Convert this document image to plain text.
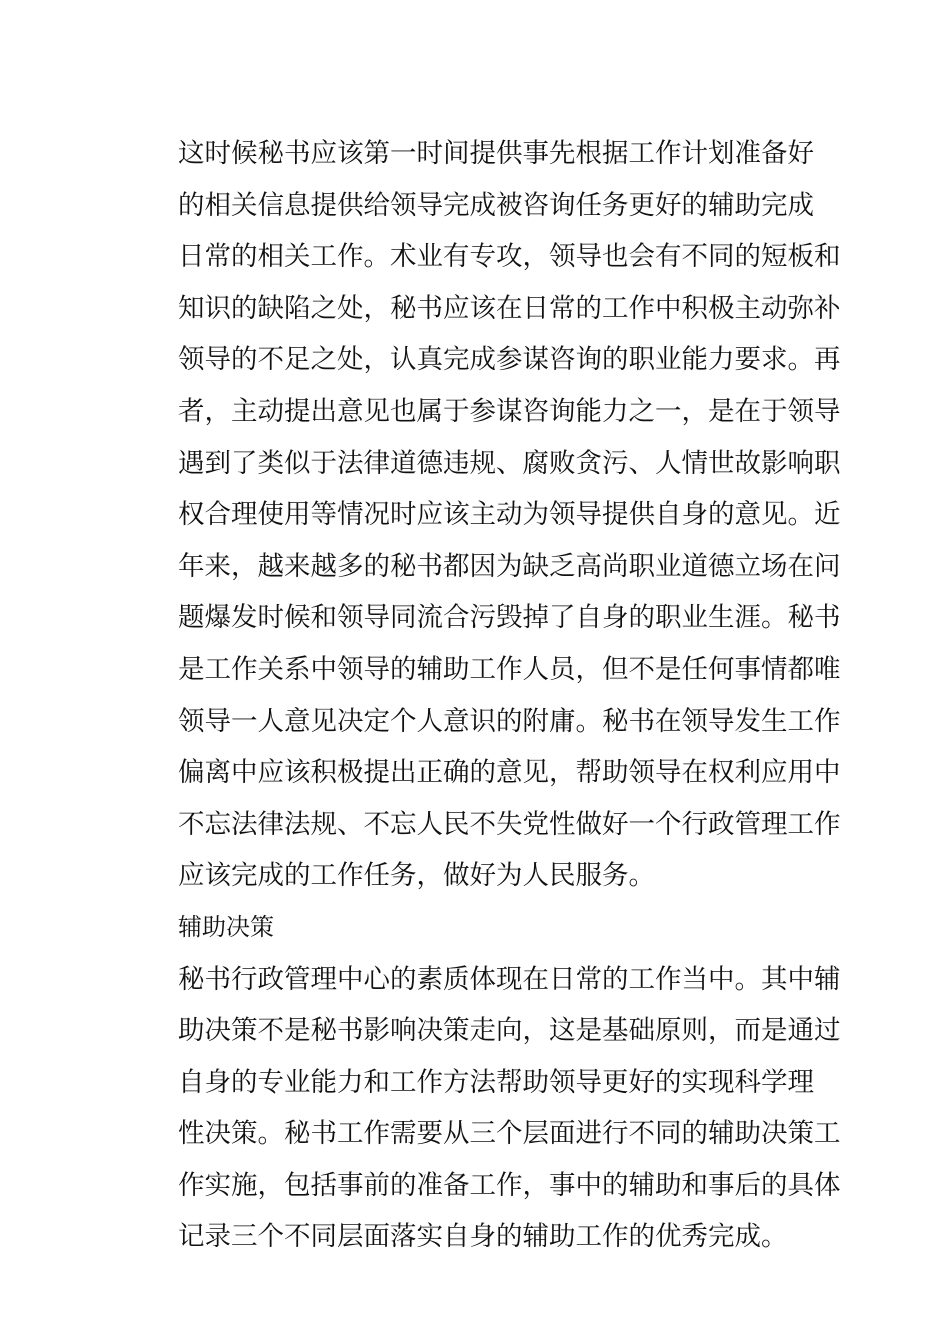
这时候秘书应该第一时间提供事先根据工作计划准备好
的相关信息提供给领导完成被咨询任务更好的辅助完成
日常的相关工作。术业有专攻，领导也会有不同的短板和
知识的缺陷之处，秘书应该在日常的工作中积极主动弥补
领导的不足之处，认真完成参谋咨询的职业能力要求。再
者，主动提出意见也属于参谋咨询能力之一，是在于领导
遇到了类似于法律道德违规、腐败贪污、人情世故影响职
权合理使用等情况时应该主动为领导提供自身的意见。近
年来，越来越多的秘书都因为缺乏高尚职业道德立场在问
题爆发时候和领导同流合污毁掉了自身的职业生涯。秘书
是工作关系中领导的辅助工作人员，但不是任何事情都唯
领导一人意见决定个人意识的附庸。秘书在领导发生工作
偏离中应该积极提出正确的意见，帮助领导在权利应用中
不忘法律法规、不忘人民不失党性做好一个行政管理工作
应该完成的工作任务，做好为人民服务。
辅助决策
秘书行政管理中心的素质体现在日常的工作当中。其中辅
助决策不是秘书影响决策走向，这是基础原则，而是通过
自身的专业能力和工作方法帮助领导更好的实现科学理
性决策。秘书工作需要从三个层面进行不同的辅助决策工
作实施，包括事前的准备工作，事中的辅助和事后的具体
记录三个不同层面落实自身的辅助工作的优秀完成。
